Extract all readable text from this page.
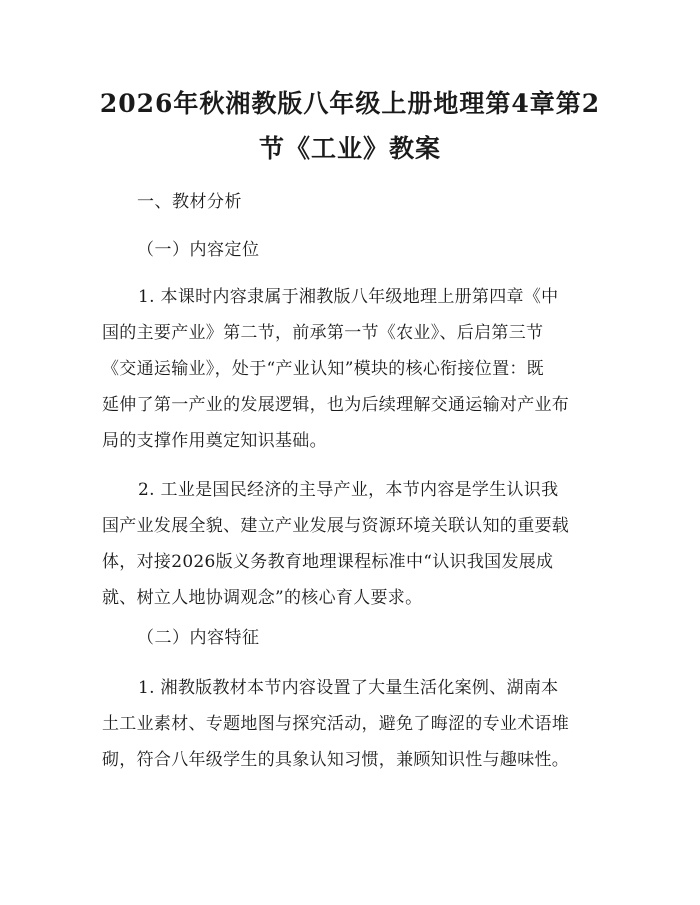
2026年秋湘教版八年级上册地理第4章第2
节《工业》教案
一、教材分析
（一）内容定位
1. 本课时内容隶属于湘教版八年级地理上册第四章《中
国的主要产业》第二节，前承第一节《农业》、后启第三节
《交通运输业》，处于“产业认知”模块的核心衔接位置：既
延伸了第一产业的发展逻辑，也为后续理解交通运输对产业布
局的支撑作用奠定知识基础。
2. 工业是国民经济的主导产业，本节内容是学生认识我
国产业发展全貌、建立产业发展与资源环境关联认知的重要载
体，对接2026版义务教育地理课程标准中“认识我国发展成
就、树立人地协调观念”的核心育人要求。
（二）内容特征
1. 湘教版教材本节内容设置了大量生活化案例、湖南本
土工业素材、专题地图与探究活动，避免了晦涩的专业术语堆
砌，符合八年级学生的具象认知习惯，兼顾知识性与趣味性。
